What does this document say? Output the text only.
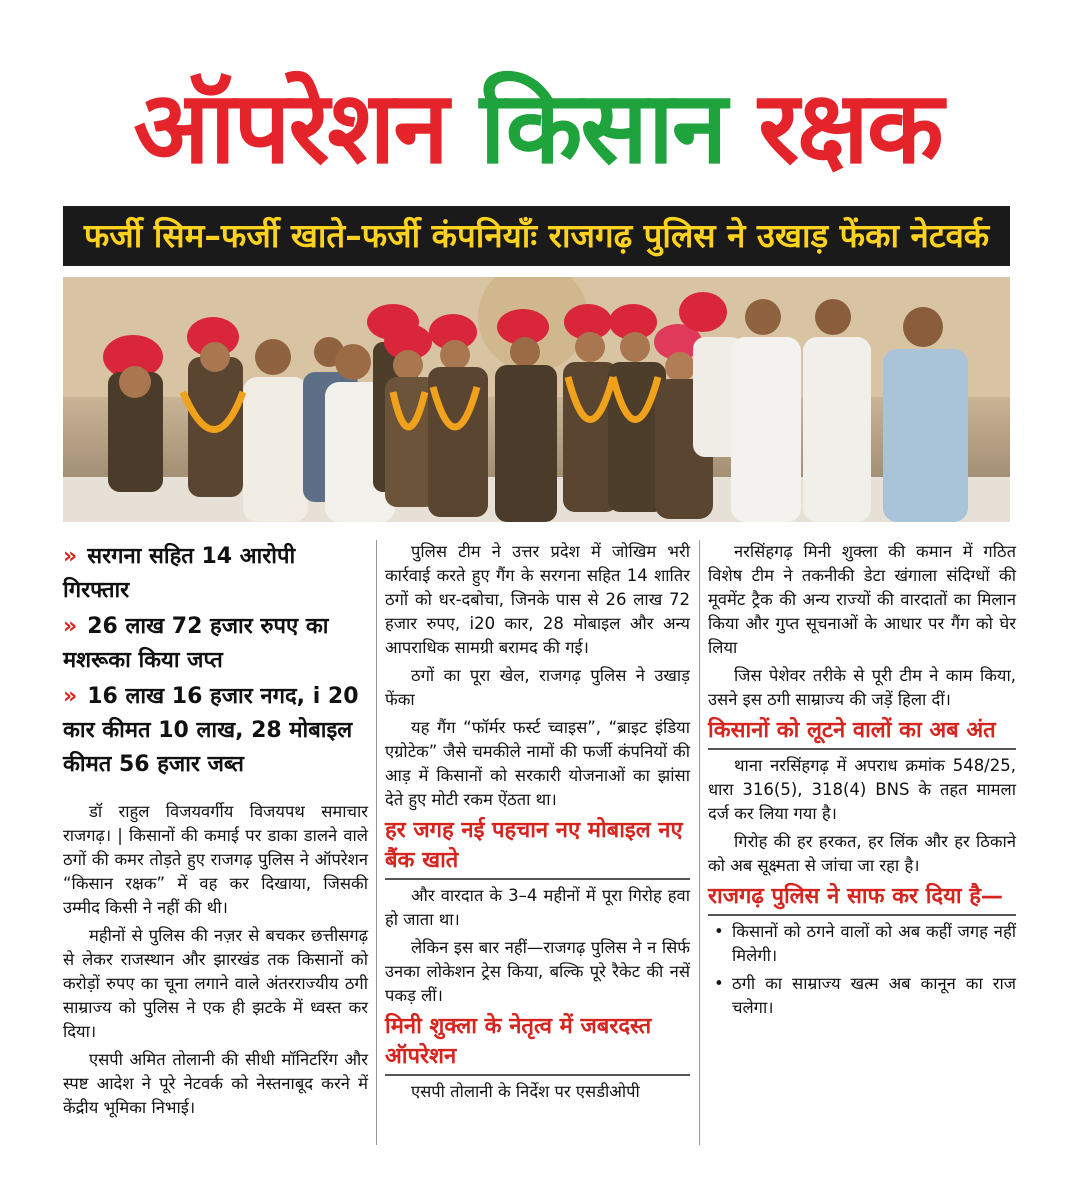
ऑपरेशन किसान रक्षक
फर्जी सिम–फर्जी खाते–फर्जी कंपनियाँः राजगढ़ पुलिस ने उखाड़ फेंका नेटवर्क
» सरगना सहित 14 आरोपी गिरफ्तार
» 26 लाख 72 हजार रुपए का मशरूका किया जप्त
» 16 लाख 16 हजार नगद, i 20 कार कीमत 10 लाख, 28 मोबाइल कीमत 56 हजार जब्त

डॉ राहुल विजयवर्गीय विजयपथ समाचार राजगढ़। | किसानों की कमाई पर डाका डालने वाले ठगों की कमर तोड़ते हुए राजगढ़ पुलिस ने ऑपरेशन “किसान रक्षक” में वह कर दिखाया, जिसकी उम्मीद किसी ने नहीं की थी।

महीनों से पुलिस की नज़र से बचकर छत्तीसगढ़ से लेकर राजस्थान और झारखंड तक किसानों को करोड़ों रुपए का चूना लगाने वाले अंतरराज्यीय ठगी साम्राज्य को पुलिस ने एक ही झटके में ध्वस्त कर दिया।

एसपी अमित तोलानी की सीधी मॉनिटरिंग और स्पष्ट आदेश ने पूरे नेटवर्क को नेस्तनाबूद करने में केंद्रीय भूमिका निभाई।

पुलिस टीम ने उत्तर प्रदेश में जोखिम भरी कार्रवाई करते हुए गैंग के सरगना सहित 14 शातिर ठगों को धर-दबोचा, जिनके पास से 26 लाख 72 हजार रुपए, i20 कार, 28 मोबाइल और अन्य आपराधिक सामग्री बरामद की गई।

ठगों का पूरा खेल, राजगढ़ पुलिस ने उखाड़ फेंका

यह गैंग “फॉर्मर फर्स्ट च्वाइस”, “ब्राइट इंडिया एग्रोटेक” जैसे चमकीले नामों की फर्जी कंपनियों की आड़ में किसानों को सरकारी योजनाओं का झांसा देते हुए मोटी रकम ऐंठता था।

हर जगह नई पहचान नए मोबाइल नए बैंक खाते

और वारदात के 3–4 महीनों में पूरा गिरोह हवा हो जाता था।

लेकिन इस बार नहीं—राजगढ़ पुलिस ने न सिर्फ उनका लोकेशन ट्रेस किया, बल्कि पूरे रैकेट की नसें पकड़ लीं।

मिनी शुक्ला के नेतृत्व में जबरदस्त ऑपरेशन

एसपी तोलानी के निर्देश पर एसडीओपी

नरसिंहगढ़ मिनी शुक्ला की कमान में गठित विशेष टीम ने तकनीकी डेटा खंगाला संदिग्धों की मूवमेंट ट्रैक की अन्य राज्यों की वारदातों का मिलान किया और गुप्त सूचनाओं के आधार पर गैंग को घेर लिया

जिस पेशेवर तरीके से पूरी टीम ने काम किया, उसने इस ठगी साम्राज्य की जड़ें हिला दीं।

किसानों को लूटने वालों का अब अंत

थाना नरसिंहगढ़ में अपराध क्रमांक 548/25, धारा 316(5), 318(4) BNS के तहत मामला दर्ज कर लिया गया है।

गिरोह की हर हरकत, हर लिंक और हर ठिकाने को अब सूक्ष्मता से जांचा जा रहा है।

राजगढ़ पुलिस ने साफ कर दिया है—
• किसानों को ठगने वालों को अब कहीं जगह नहीं मिलेगी।
• ठगी का साम्राज्य खत्म अब कानून का राज चलेगा।
